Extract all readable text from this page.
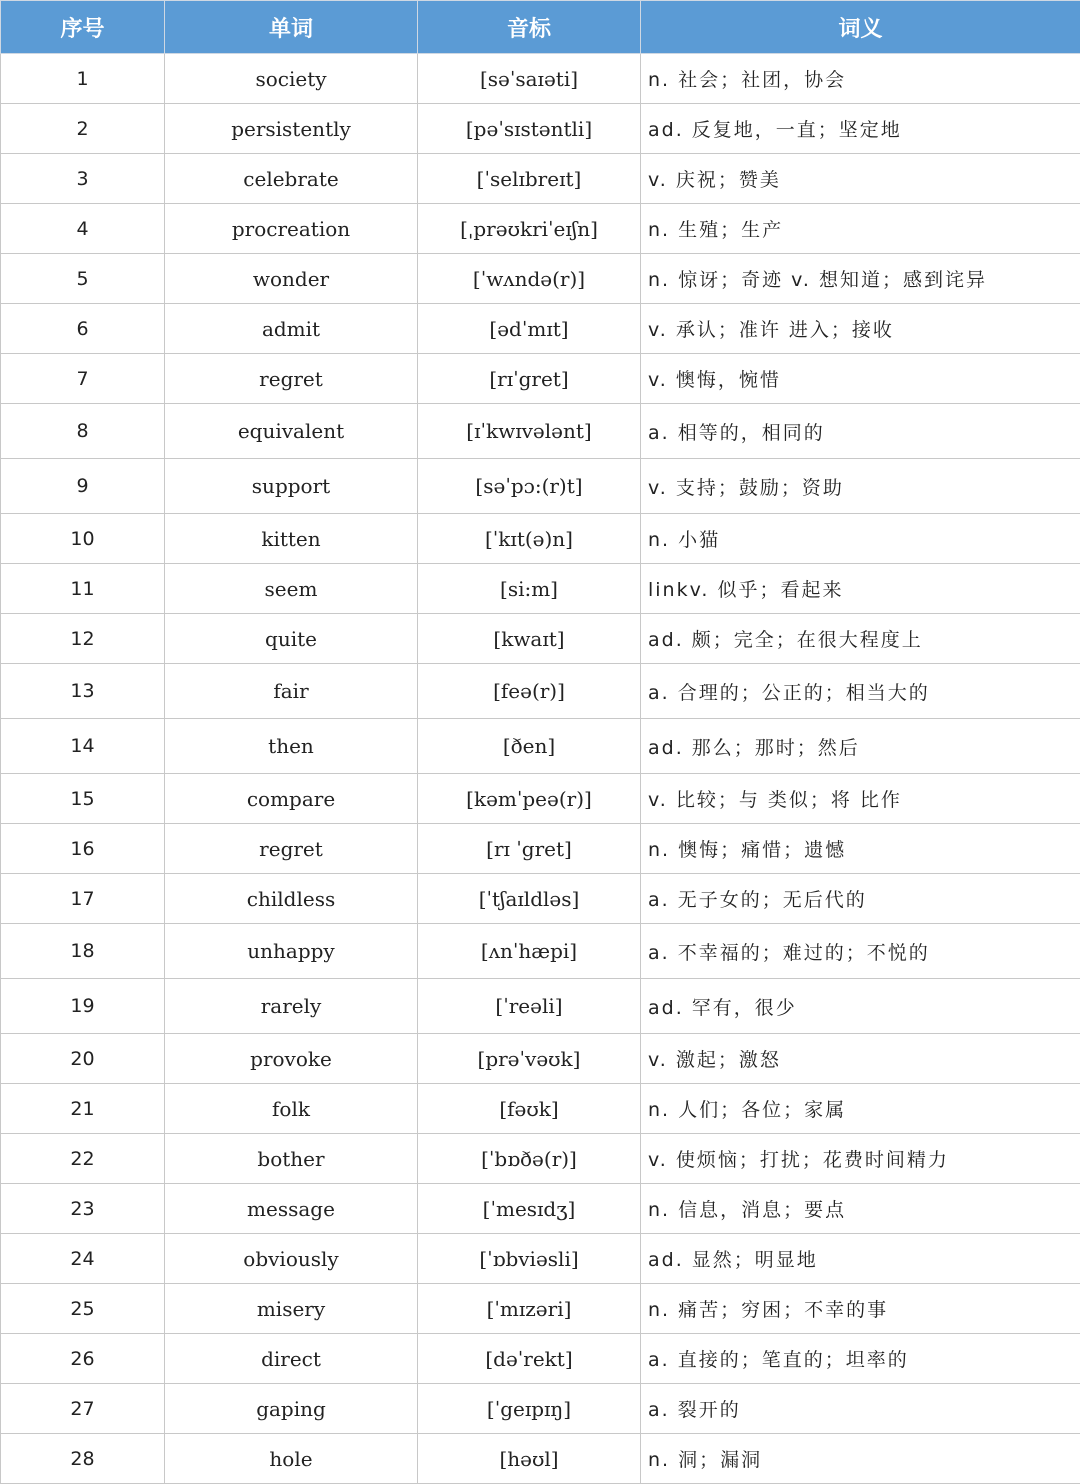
序号	单词	音标	词义
1	society	[səˈsaɪəti]	n. 社会；社团，协会
2	persistently	[pəˈsɪstəntli]	ad. 反复地，一直；坚定地
3	celebrate	[ˈselɪbreɪt]	v. 庆祝；赞美
4	procreation	[ˌprəʊkriˈeɪʃn]	n. 生殖；生产
5	wonder	[ˈwʌndə(r)]	n. 惊讶；奇迹 v. 想知道；感到诧异
6	admit	[ədˈmɪt]	v. 承认；准许 进入；接收
7	regret	[rɪˈgret]	v. 懊悔，惋惜
8	equivalent	[ɪˈkwɪvələnt]	a. 相等的，相同的
9	support	[səˈpɔ:(r)t]	v. 支持；鼓励；资助
10	kitten	[ˈkɪt(ə)n]	n. 小猫
11	seem	[si:m]	linkv. 似乎；看起来
12	quite	[kwaɪt]	ad. 颇；完全；在很大程度上
13	fair	[feə(r)]	a. 合理的；公正的；相当大的
14	then	[ðen]	ad. 那么；那时；然后
15	compare	[kəmˈpeə(r)]	v. 比较；与 类似；将 比作
16	regret	[rɪ ˈgret]	n. 懊悔；痛惜；遗憾
17	childless	[ˈtʃaɪldləs]	a. 无子女的；无后代的
18	unhappy	[ʌnˈhæpi]	a. 不幸福的；难过的；不悦的
19	rarely	[ˈreəli]	ad. 罕有，很少
20	provoke	[prəˈvəʊk]	v. 激起；激怒
21	folk	[fəʊk]	n. 人们；各位；家属
22	bother	[ˈbɒðə(r)]	v. 使烦恼；打扰；花费时间精力
23	message	[ˈmesɪdʒ]	n. 信息，消息；要点
24	obviously	[ˈɒbviəsli]	ad. 显然；明显地
25	misery	[ˈmɪzəri]	n. 痛苦；穷困；不幸的事
26	direct	[dəˈrekt]	a. 直接的；笔直的；坦率的
27	gaping	[ˈgeɪpɪŋ]	a. 裂开的
28	hole	[həʊl]	n. 洞；漏洞
